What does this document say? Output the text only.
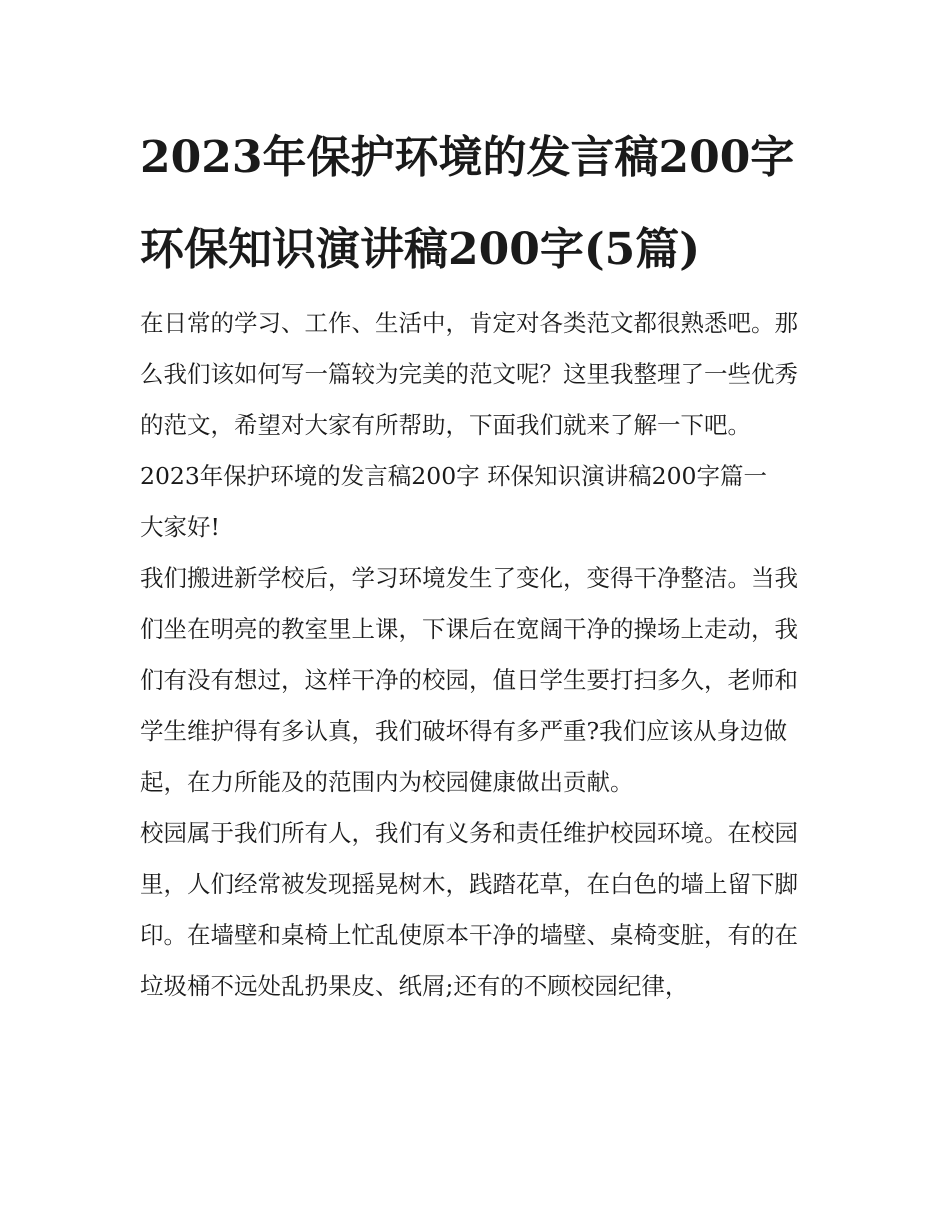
2023年保护环境的发言稿200字 环保知识演讲稿200字(5篇)

在日常的学习、工作、生活中，肯定对各类范文都很熟悉吧。那么我们该如何写一篇较为完美的范文呢？这里我整理了一些优秀的范文，希望对大家有所帮助，下面我们就来了解一下吧。

2023年保护环境的发言稿200字 环保知识演讲稿200字篇一

大家好!

我们搬进新学校后，学习环境发生了变化，变得干净整洁。当我们坐在明亮的教室里上课，下课后在宽阔干净的操场上走动，我们有没有想过，这样干净的校园，值日学生要打扫多久，老师和学生维护得有多认真，我们破坏得有多严重?我们应该从身边做起，在力所能及的范围内为校园健康做出贡献。

校园属于我们所有人，我们有义务和责任维护校园环境。在校园里，人们经常被发现摇晃树木，践踏花草，在白色的墙上留下脚印。在墙壁和桌椅上忙乱使原本干净的墙壁、桌椅变脏，有的在垃圾桶不远处乱扔果皮、纸屑;还有的不顾校园纪律，
